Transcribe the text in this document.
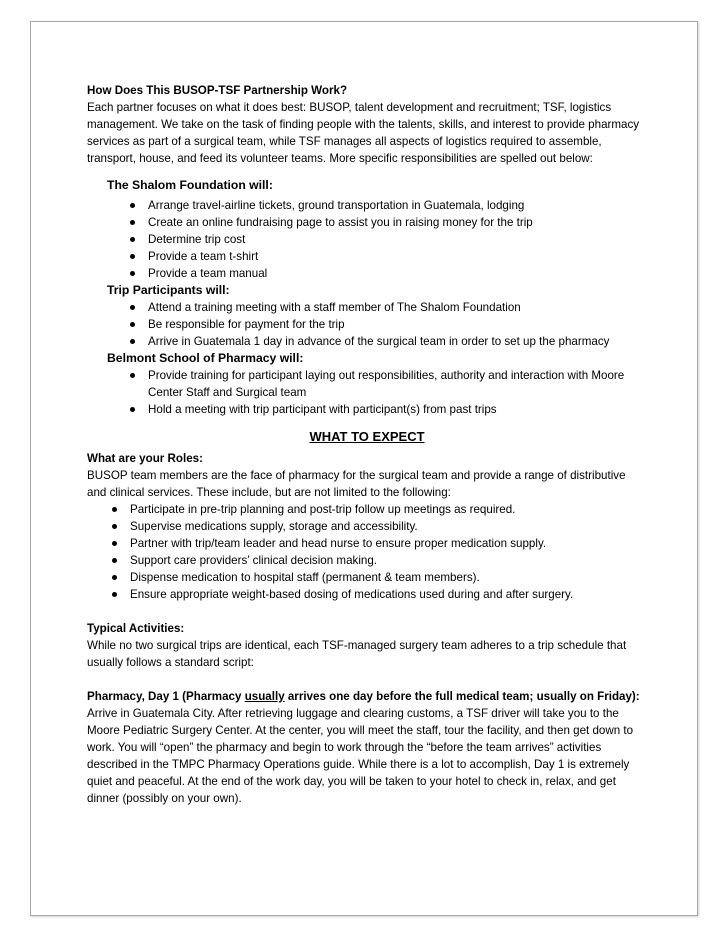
How Does This BUSOP-TSF Partnership Work?

Each partner focuses on what it does best: BUSOP, talent development and recruitment; TSF, logistics management. We take on the task of finding people with the talents, skills, and interest to provide pharmacy services as part of a surgical team, while TSF manages all aspects of logistics required to assemble, transport, house, and feed its volunteer teams. More specific responsibilities are spelled out below:

The Shalom Foundation will:

Arrange travel-airline tickets, ground transportation in Guatemala, lodging
Create an online fundraising page to assist you in raising money for the trip
Determine trip cost
Provide a team t-shirt
Provide a team manual

Trip Participants will:

Attend a training meeting with a staff member of The Shalom Foundation
Be responsible for payment for the trip
Arrive in Guatemala 1 day in advance of the surgical team in order to set up the pharmacy

Belmont School of Pharmacy will:

Provide training for participant laying out responsibilities, authority and interaction with Moore Center Staff and Surgical team
Hold a meeting with trip participant with participant(s) from past trips
WHAT TO EXPECT

What are your Roles:

BUSOP team members are the face of pharmacy for the surgical team and provide a range of distributive and clinical services. These include, but are not limited to the following:

Participate in pre-trip planning and post-trip follow up meetings as required.
Supervise medications supply, storage and accessibility.
Partner with trip/team leader and head nurse to ensure proper medication supply.
Support care providers’ clinical decision making.
Dispense medication to hospital staff (permanent & team members).
Ensure appropriate weight-based dosing of medications used during and after surgery.

Typical Activities:

While no two surgical trips are identical, each TSF-managed surgery team adheres to a trip schedule that usually follows a standard script:

Pharmacy, Day 1 (Pharmacy usually arrives one day before the full medical team; usually on Friday):

Arrive in Guatemala City. After retrieving luggage and clearing customs, a TSF driver will take you to the Moore Pediatric Surgery Center. At the center, you will meet the staff, tour the facility, and then get down to work. You will “open” the pharmacy and begin to work through the “before the team arrives” activities described in the TMPC Pharmacy Operations guide. While there is a lot to accomplish, Day 1 is extremely quiet and peaceful. At the end of the work day, you will be taken to your hotel to check in, relax, and get dinner (possibly on your own).
